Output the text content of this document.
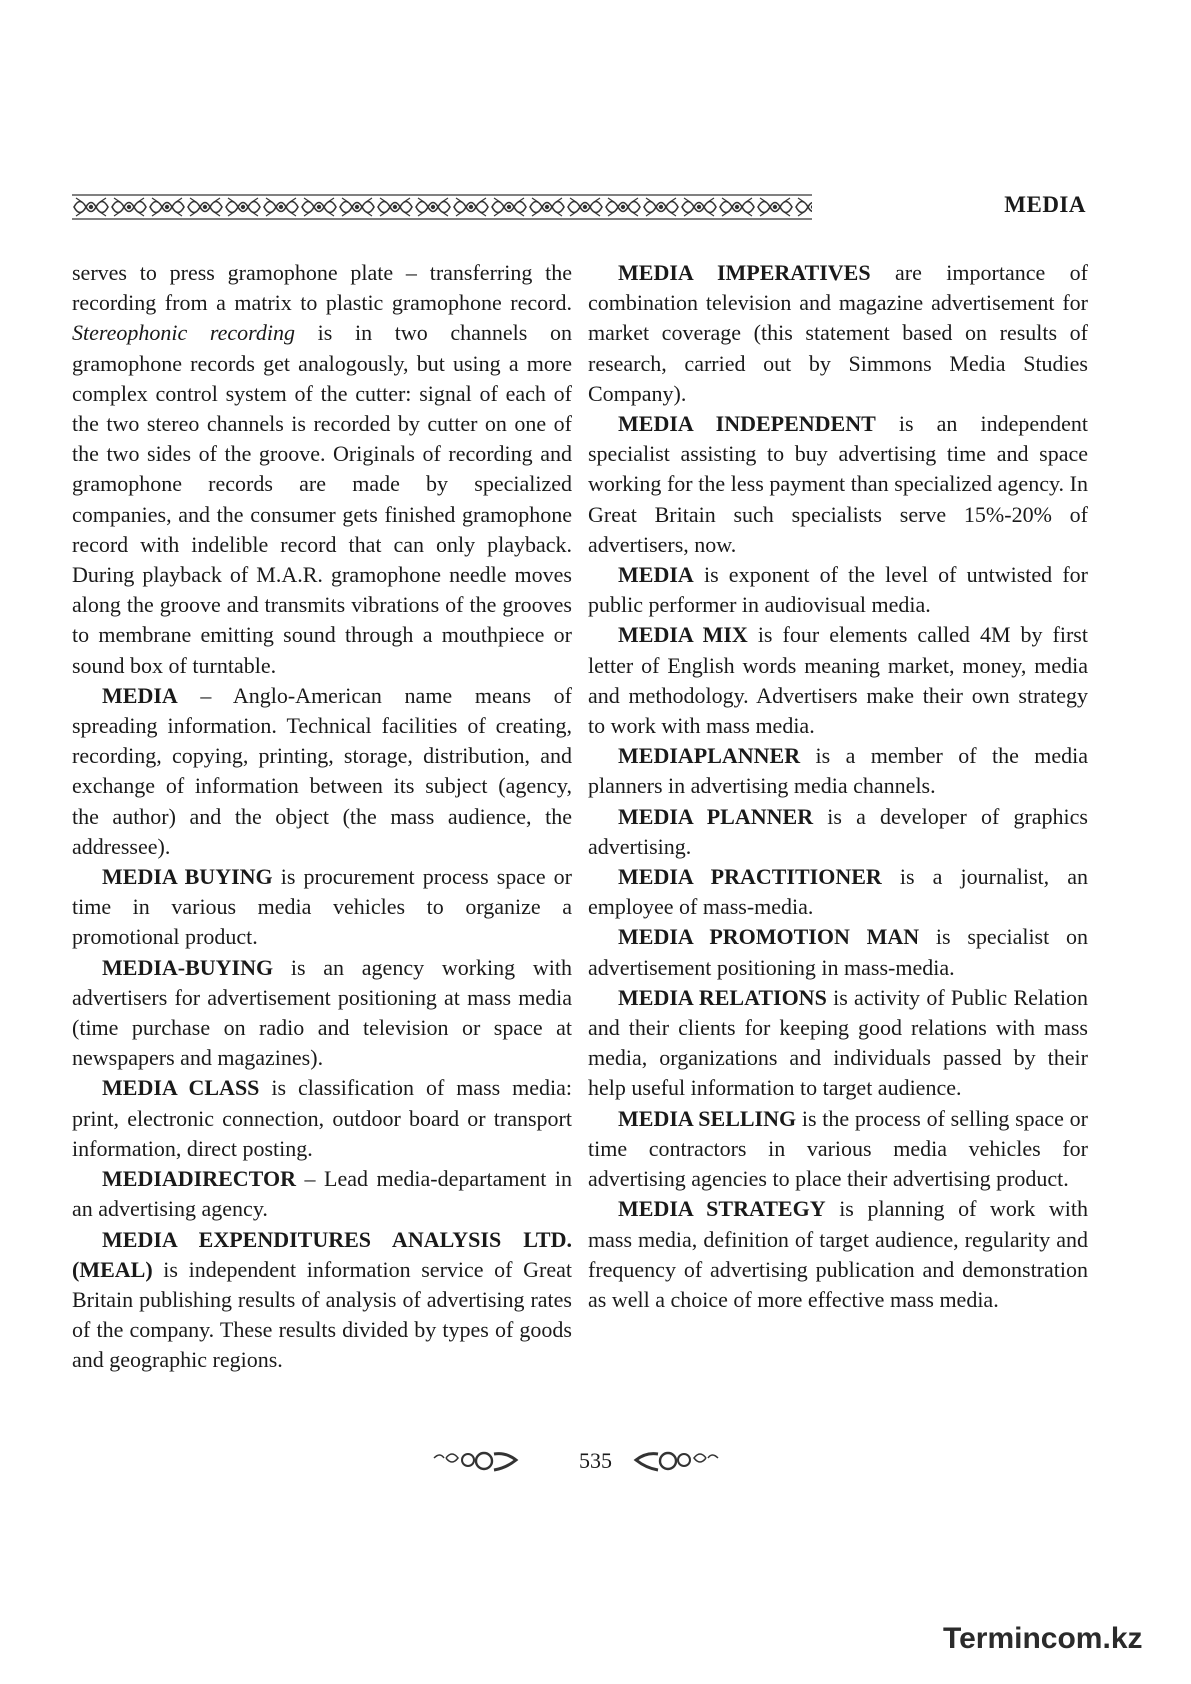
MEDIA

serves to press gramophone plate – transferring the recording from a matrix to plastic gramophone record. Stereophonic recording is in two channels on gramophone records get analogously, but using a more complex control system of the cutter: signal of each of the two stereo channels is recorded by cutter on one of the two sides of the groove. Originals of recording and gramophone records are made by specialized companies, and the consumer gets finished gramophone record with indelible record that can only playback. During playback of M.A.R. gramophone needle moves along the groove and transmits vibrations of the grooves to membrane emitting sound through a mouthpiece or sound box of turntable.

MEDIA – Anglo-American name means of spreading information. Technical facilities of creating, recording, copying, printing, storage, distribution, and exchange of information between its subject (agency, the author) and the object (the mass audience, the addressee).

MEDIA BUYING is procurement process space or time in various media vehicles to organize a promotional product.

MEDIA-BUYING is an agency working with advertisers for advertisement positioning at mass media (time purchase on radio and television or space at newspapers and magazines).

MEDIA CLASS is classification of mass media: print, electronic connection, outdoor board or transport information, direct posting.

MEDIADIRECTOR – Lead media-departament in an advertising agency.

MEDIA EXPENDITURES ANALYSIS LTD. (MEAL) is independent information service of Great Britain publishing results of analysis of advertising rates of the company. These results divided by types of goods and geographic regions.

MEDIA IMPERATIVES are importance of combination television and magazine advertisement for market coverage (this statement based on results of research, carried out by Simmons Media Studies Company).

MEDIA INDEPENDENT is an independent specialist assisting to buy advertising time and space working for the less payment than specialized agency. In Great Britain such specialists serve 15%-20% of advertisers, now.

MEDIA is exponent of the level of untwisted for public performer in audiovisual media.

MEDIA MIX is four elements called 4M by first letter of English words meaning market, money, media and methodology. Advertisers make their own strategy to work with mass media.

MEDIAPLANNER is a member of the media planners in advertising media channels.

MEDIA PLANNER is a developer of graphics advertising.

MEDIA PRACTITIONER is a journalist, an employee of mass-media.

MEDIA PROMOTION MAN is specialist on advertisement positioning in mass-media.

MEDIA RELATIONS is activity of Public Relation and their clients for keeping good relations with mass media, organizations and individuals passed by their help useful information to target audience.

MEDIA SELLING is the process of selling space or time contractors in various media vehicles for advertising agencies to place their advertising product.

MEDIA STRATEGY is planning of work with mass media, definition of target audience, regularity and frequency of advertising publication and demonstration as well a choice of more effective mass media.

535
Termincom.kz
